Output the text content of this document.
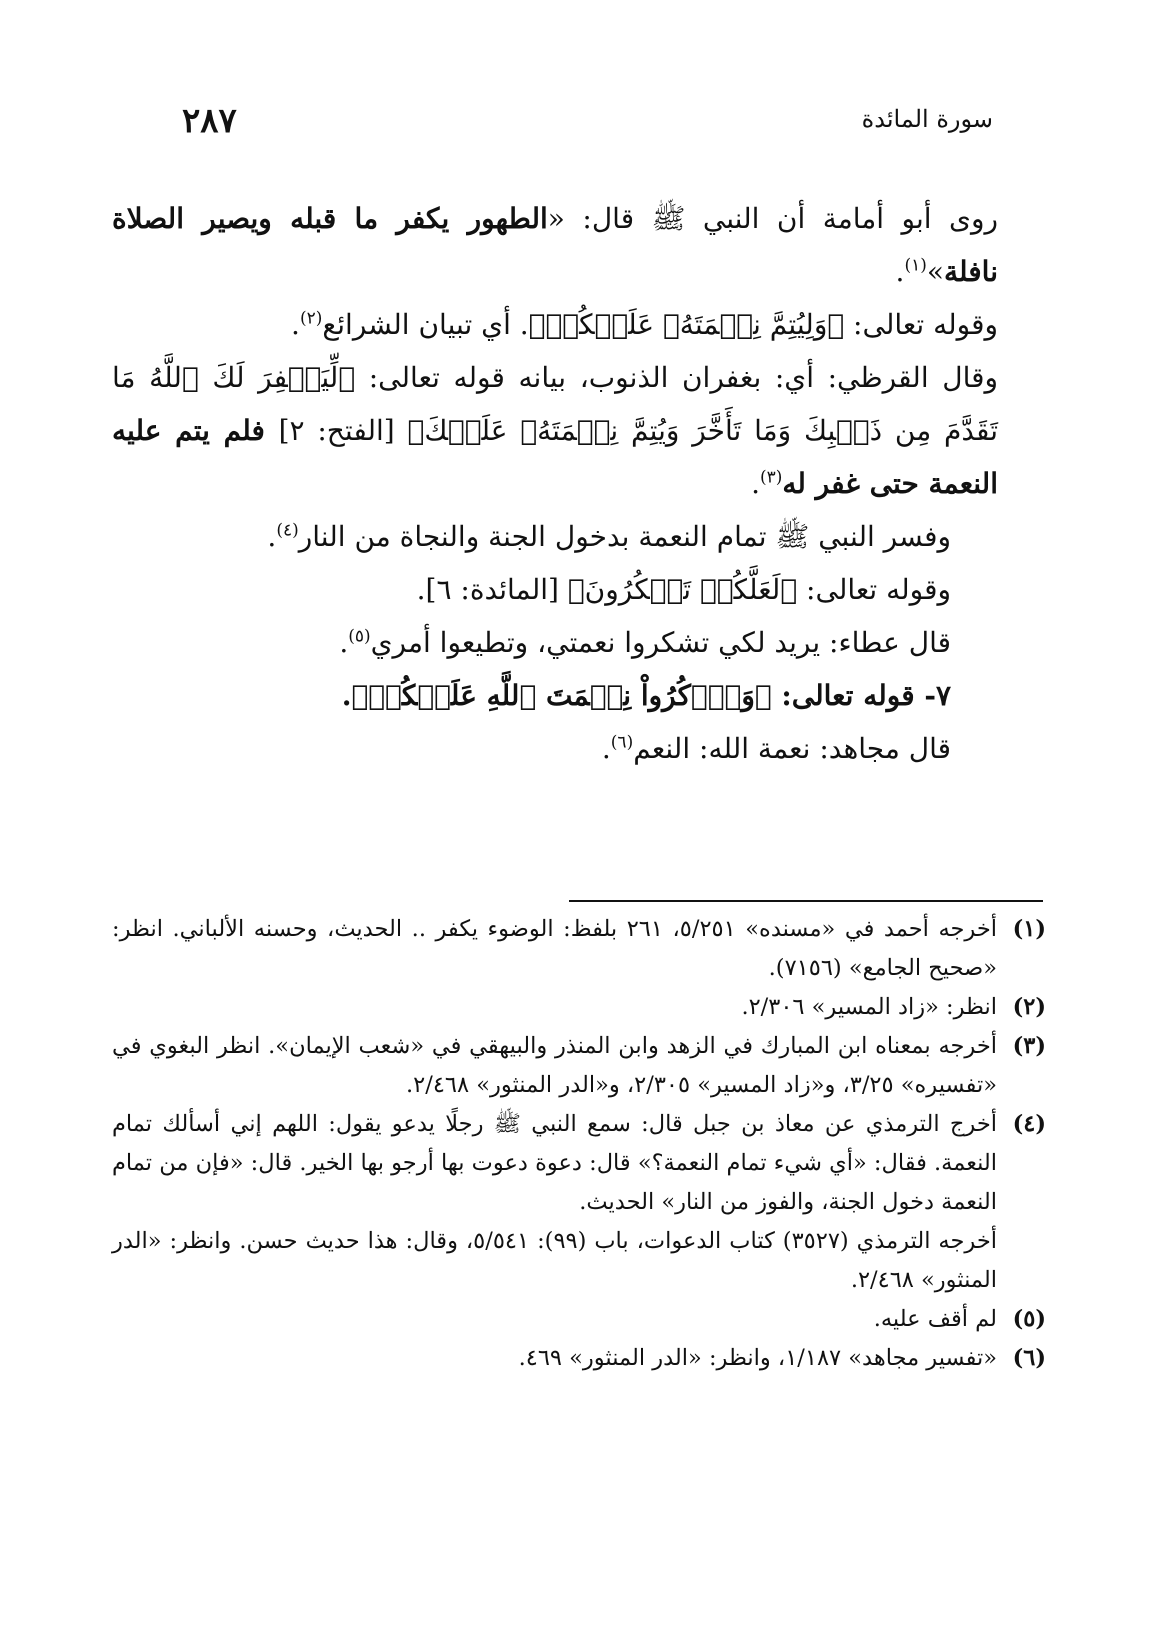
سورة المائدة
٢٨٧

روى أبو أمامة أن النبي ﷺ قال: «الطهور يكفر ما قبله ويصير الصلاة نافلة»$^{(١)}$.

وقوله تعالى: ﴿وَلِيُتِمَّ نِعۡمَتَهُۥ عَلَيۡكُمۡ﴾. أي تبيان الشرائع$^{(٢)}$.

وقال القرظي: أي: بغفران الذنوب، بيانه قوله تعالى: ﴿لِّيَغۡفِرَ لَكَ ٱللَّهُ مَا تَقَدَّمَ مِن ذَنۢبِكَ وَمَا تَأَخَّرَ وَيُتِمَّ نِعۡمَتَهُۥ عَلَيۡكَ﴾ [الفتح: ٢] فلم يتم عليه النعمة حتى غفر له$^{(٣)}$.

وفسر النبي ﷺ تمام النعمة بدخول الجنة والنجاة من النار$^{(٤)}$.

وقوله تعالى: ﴿لَعَلَّكُمۡ تَشۡكُرُونَ﴾ [المائدة: ٦].

قال عطاء: يريد لكي تشكروا نعمتي، وتطيعوا أمري$^{(٥)}$.

٧- قوله تعالى: ﴿وَٱذۡكُرُواْ نِعۡمَتَ ٱللَّهِ عَلَيۡكُمۡ﴾.

قال مجاهد: نعمة الله: النعم$^{(٦)}$.

(١)
أخرجه أحمد في «مسنده» ٥/٢٥١، ٢٦١ بلفظ: الوضوء يكفر .. الحديث، وحسنه الألباني. انظر: «صحيح الجامع» (٧١٥٦).
(٢)
انظر: «زاد المسير» ٢/٣٠٦.
(٣)
أخرجه بمعناه ابن المبارك في الزهد وابن المنذر والبيهقي في «شعب الإيمان». انظر البغوي في «تفسيره» ٣/٢٥، و«زاد المسير» ٢/٣٠٥، و«الدر المنثور» ٢/٤٦٨.
(٤)
أخرج الترمذي عن معاذ بن جبل قال: سمع النبي ﷺ رجلًا يدعو يقول: اللهم إني أسألك تمام النعمة. فقال: «أي شيء تمام النعمة؟» قال: دعوة دعوت بها أرجو بها الخير. قال: «فإن من تمام النعمة دخول الجنة، والفوز من النار» الحديث.
أخرجه الترمذي (٣٥٢٧) كتاب الدعوات، باب (٩٩): ٥/٥٤١، وقال: هذا حديث حسن. وانظر: «الدر المنثور» ٢/٤٦٨.
(٥)
لم أقف عليه.
(٦)
«تفسير مجاهد» ١/١٨٧، وانظر: «الدر المنثور» ٤٦٩.
